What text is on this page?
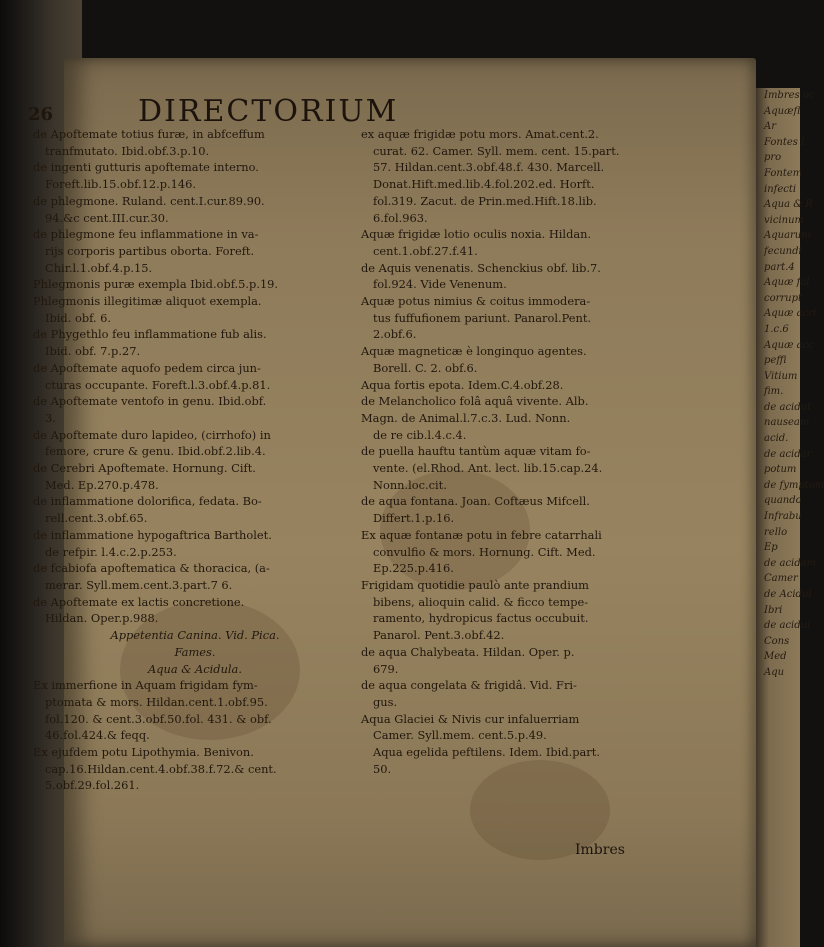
26	DIRECTORIUM
de Apoftemate totius furæ, in abfceffum
tranfmutato. Ibid.obf.3.p.10.
de ingenti gutturis apoftemate interno.
Foreft.lib.15.obf.12.p.146.
de phlegmone. Ruland. cent.I.cur.89.90.
94.&c cent.III.cur.30.
de phlegmone feu inflammatione in va-
rijs corporis partibus oborta. Foreft.
Chir.l.1.obf.4.p.15.
Phlegmonis puræ exempla Ibid.obf.5.p.19.
Phlegmonis illegitimæ aliquot exempla.
Ibid. obf. 6.
de Phygethlo feu inflammatione fub alis.
Ibid. obf. 7.p.27.
de Apoftemate aquofo pedem circa jun-
cturas occupante. Foreft.l.3.obf.4.p.81.
de Apoftemate ventofo in genu. Ibid.obf.
3.
de Apoftemate duro lapideo, (cirrhofo) in
femore, crure & genu. Ibid.obf.2.lib.4.
de Cerebri Apoftemate. Hornung. Cift.
Med. Ep.270.p.478.
de inflammatione dolorifica, fedata. Bo-
rell.cent.3.obf.65.
de inflammatione hypogaftrica Bartholet.
de refpir. l.4.c.2.p.253.
de fcabiofa apoftematica & thoracica, (a-
merar. Syll.mem.cent.3.part.7 6.
de Apoftemate ex lactis concretione.
Hildan. Oper.p.988.
Appetentia Canina. Vid. Pica.
Fames.
Aqua & Acidula.
Ex immerfione in Aquam frigidam fym-
ptomata & mors. Hildan.cent.1.obf.95.
fol.120. & cent.3.obf.50.fol. 431. & obf.
46.fol.424.& feqq.
Ex ejufdem potu Lipothymia. Benivon.
cap.16.Hildan.cent.4.obf.38.f.72.& cent.
5.obf.29.fol.261.
ex aquæ frigidæ potu mors. Amat.cent.2.
curat. 62. Camer. Syll. mem. cent. 15.part.
57. Hildan.cent.3.obf.48.f. 430. Marcell.
Donat.Hift.med.lib.4.fol.202.ed. Horft.
fol.319. Zacut. de Prin.med.Hift.18.lib.
6.fol.963.
Aquæ frigidæ lotio oculis noxia. Hildan.
cent.1.obf.27.f.41.
de Aquis venenatis. Schenckius obf. lib.7.
fol.924. Vide Venenum.
Aquæ potus nimius & coitus immodera-
tus fuffufionem pariunt. Panarol.Pent.
2.obf.6.
Aquæ magneticæ è longinquo agentes.
Borell. C. 2. obf.6.
Aqua fortis epota. Idem.C.4.obf.28.
de Melancholico folâ aquâ vivente. Alb.
Magn. de Animal.l.7.c.3. Lud. Nonn.
de re cib.l.4.c.4.
de puella hauftu tantùm aquæ vitam fo-
vente. (el.Rhod. Ant. lect. lib.15.cap.24.
Nonn.loc.cit.
de aqua fontana. Joan. Coftæus Mifcell.
Differt.1.p.16.
Ex aquæ fontanæ potu in febre catarrhali
convulfio & mors. Hornung. Cift. Med.
Ep.225.p.416.
Frigidam quotidie paulò ante prandium
bibens, alioquin calid. & ficco tempe-
ramento, hydropicus factus occubuit.
Panarol. Pent.3.obf.42.
de aqua Chalybeata. Hildan. Oper. p.
679.
de aqua congelata & frigidâ. Vid. Fri-
gus.
Aqua Glaciei & Nivis cur infaluerriam
Camer. Syll.mem. cent.5.p.49.
Aqua egelida peftilens. Idem. Ibid.part.
50.
Imbres
Imbres oc
Aquæfl
Ar
Fontes l
pro
Fontem
infecti
Aqua & R
vicinum
Aquarum
fecundi
part.4
Aquæ fal
corrupt
Aquæ acri
1.c.6
Aquæ acc
peffi
Vitium
fim.
de acidul
nauseam
acid.
de acidar
potum
de fymptom
quando
Infrabu
rello
Ep
de acidam
Camer
de Acidul
Ibri
de acidul
Cons
Med
Aqu
